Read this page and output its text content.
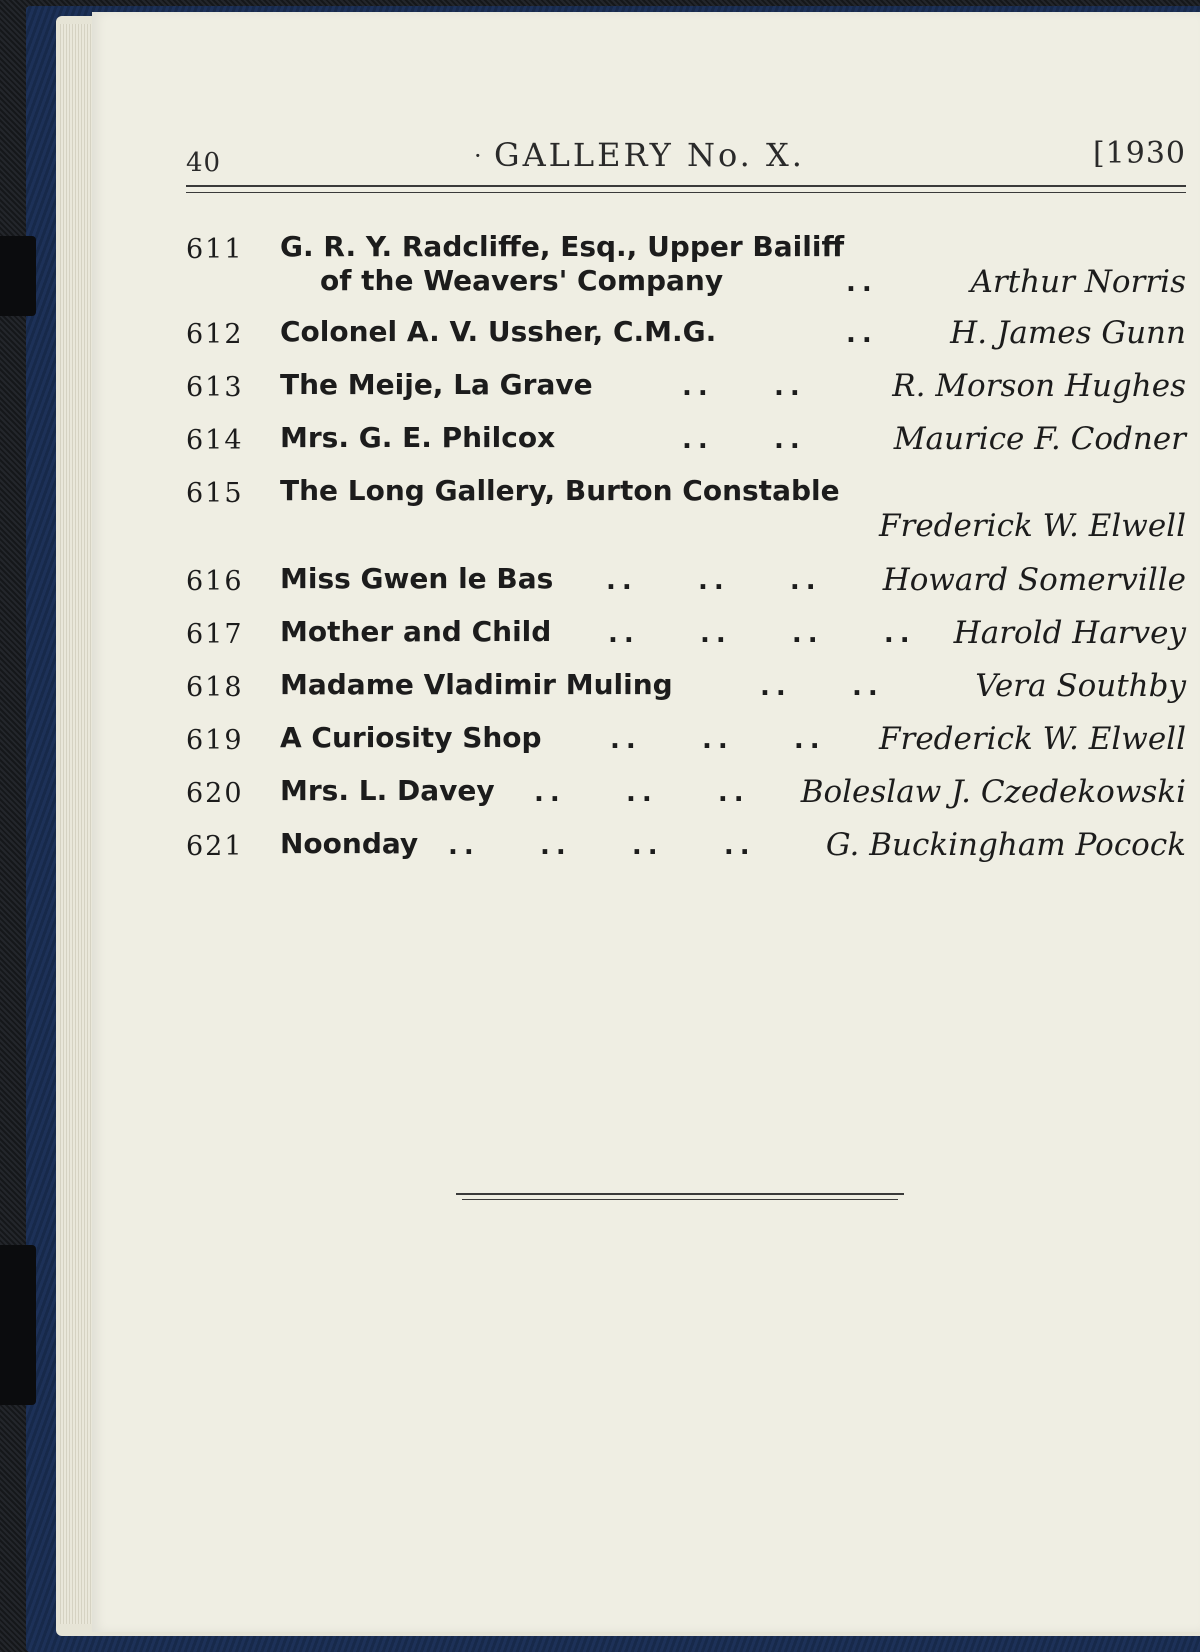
40	· GALLERY No. X.	[1930
611 G. R. Y. Radcliffe, Esq., Upper Bailiff
of the Weavers' Company	..	Arthur Norris
612 Colonel A. V. Ussher, C.M.G.	.. H. James Gunn
613 The Meije, La Grave	..    ..	R. Morson Hughes
614 Mrs. G. E. Philcox	..    ..	Maurice F. Codner
615 The Long Gallery, Burton Constable
Frederick W. Elwell
616 Miss Gwen le Bas ..    ..    .. Howard Somerville
617 Mother and Child ..    ..    ..    .. Harold Harvey
618 Madame Vladimir Muling	..    ..	Vera Southby
619 A Curiosity Shop	..    ..    .. Frederick W. Elwell
620 Mrs. L. Davey ..    ..    .. Boleslaw J. Czedekowski
621 Noonday ..    ..    ..    .. G. Buckingham Pocock
